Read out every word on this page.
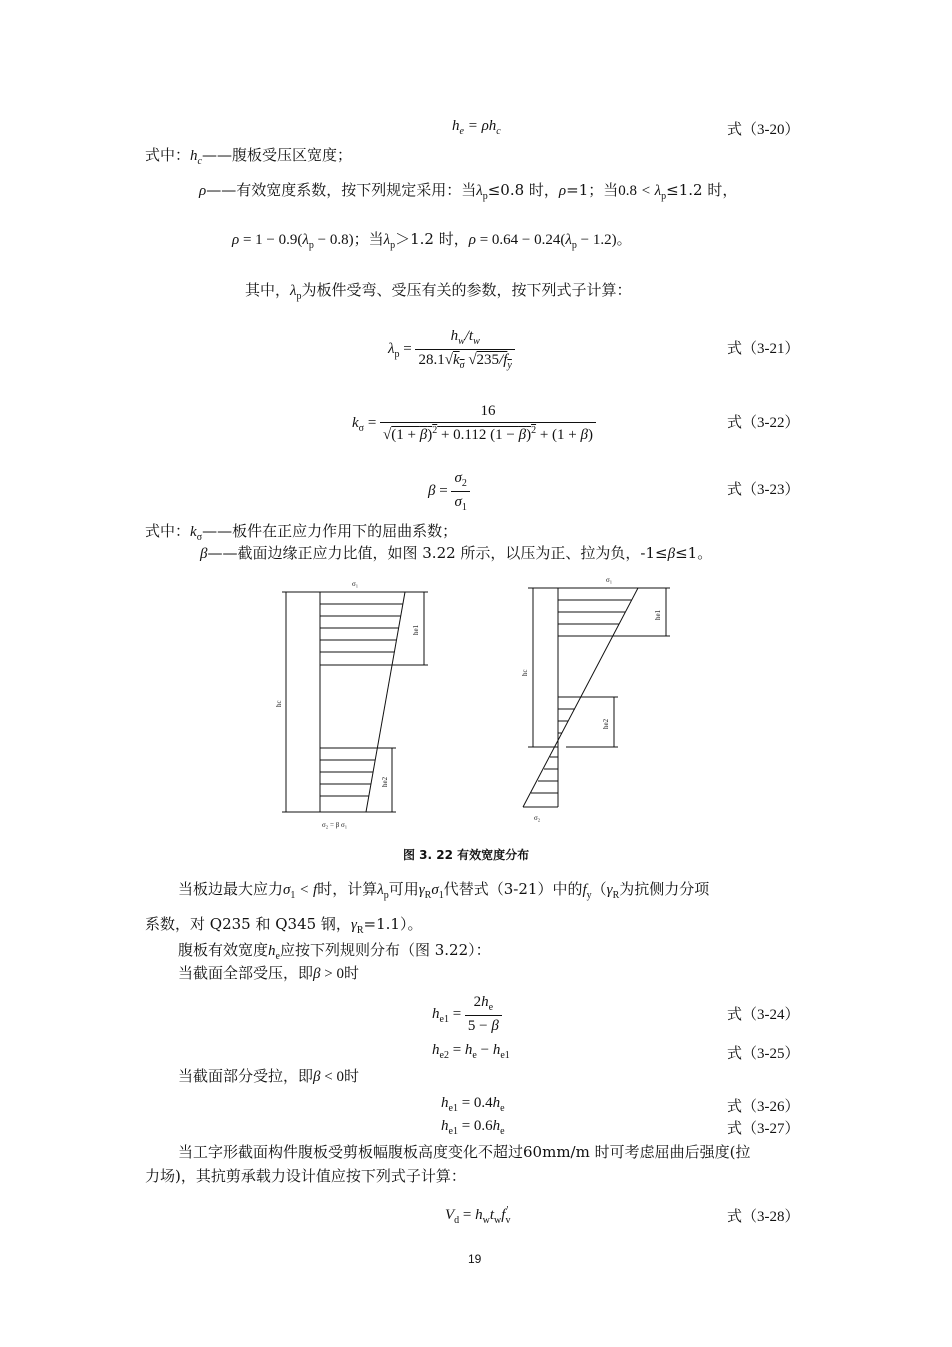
$h_e = \rho h_c$	式（3-20）
式中：$h_c——$腹板受压区宽度；
ρ——有效宽度系数，按下列规定采用：当$\lambda_p\le 0.8$ 时，ρ=1；当$0.8 < \lambda_p\le 1.2$ 时，
$\rho = 1 - 0.9(\lambda_p - 0.8)$；当$\lambda_p>1.2$ 时，$\rho = 0.64 - 0.24(\lambda_p - 1.2)$。
其中，$\lambda_p$为板件受弯、受压有关的参数，按下列式子计算：
$\lambda_p = \frac{h_w/t_w}{28.1√k_\sigma √235/f_y}$	式（3-21）
$k_\sigma = \frac{16}{√(1 + \beta)^2 + 0.112 (1 - \beta)^2 + (1 + \beta)}$	式（3-22）
$\beta = \frac{\sigma_2}{\sigma_1}$	式（3-23）
式中：$k_\sigma——$板件在正应力作用下的屈曲系数；
β——截面边缘正应力比值，如图 3.22 所示，以压为正、拉为负，-1≤β≤1。
σ₁
σ₂ = β σ₁
σ₁
σ₂
hc
he1
he2
hc
he1
he2
图 3. 22 有效宽度分布
当板边最大应力$\sigma_1 < f$时，计算$\lambda_p$可用$\gamma_R\sigma_1$代替式（3-21）中的$f_y(\gamma_R$为抗侧力分项
系数，对 Q235 和 Q345 钢，$\gamma_R=1.1$）。
腹板有效宽度$h_e$应按下列规则分布（图 3.22）：
当截面全部受压，即β > 0时
$h_{e1} = \frac{2h_e}{5 - \beta}$	式（3-24）
$h_{e2} = h_e - h_{e1}$	式（3-25）
当截面部分受拉，即β < 0时
$h_{e1} = 0.4h_e$	式（3-26）
$h_{e1} = 0.6h_e$	式（3-27）
当工字形截面构件腹板受剪板幅腹板高度变化不超过60mm/m 时可考虑屈曲后强度(拉
力场)，其抗剪承载力设计值应按下列式子计算：
$V_d = h_wt_wf_v'$	式（3-28）
19
